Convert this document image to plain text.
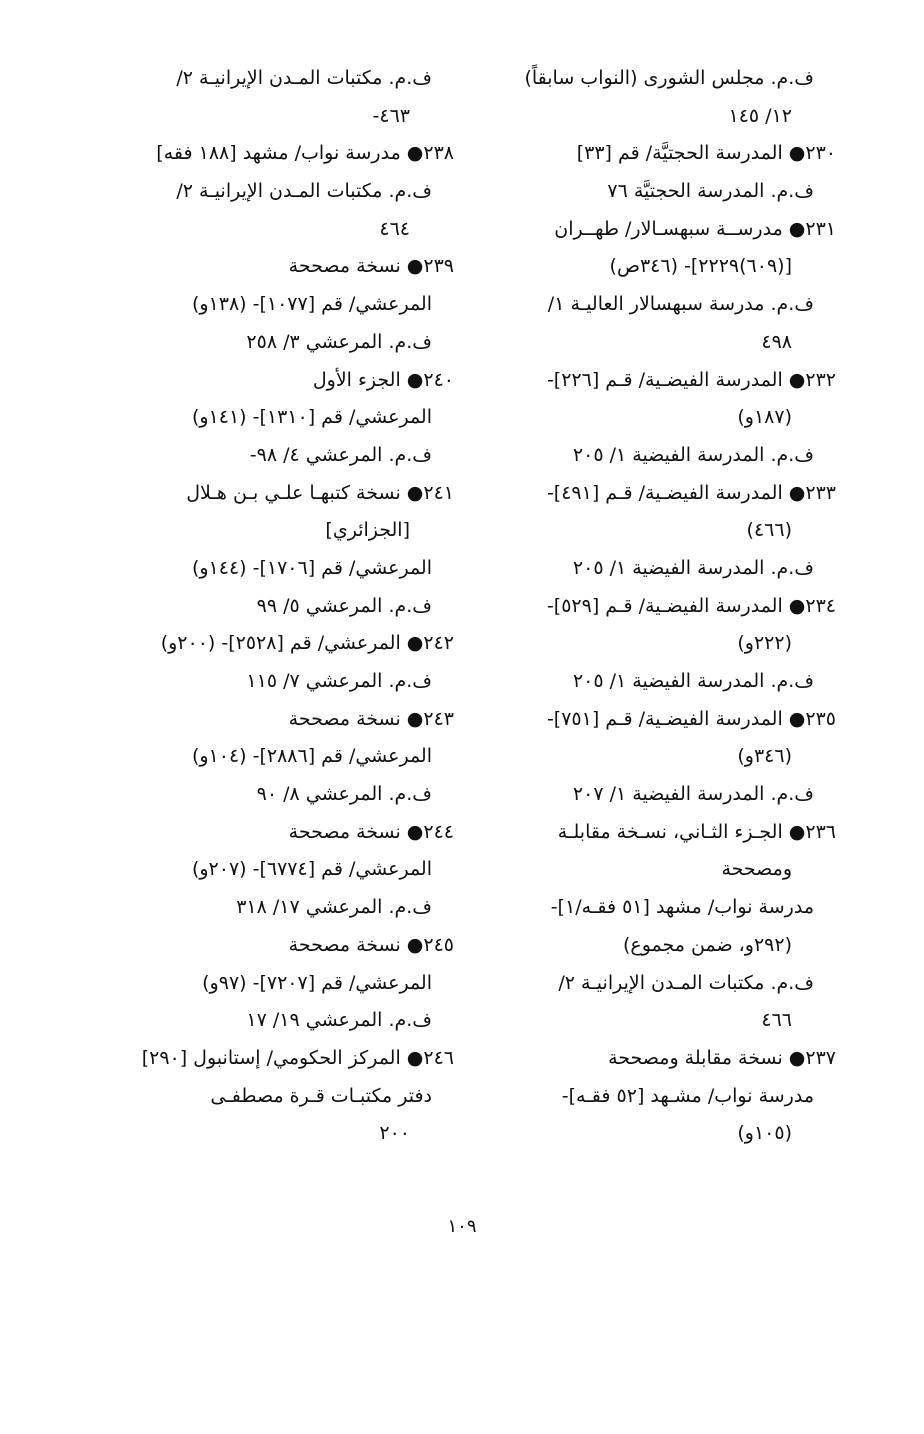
ف.م. مجلس الشورى (النواب سابقاً)
١٢/ ١٤٥
٢٣٠● المدرسة الحجتيَّة/ قم [٣٣]
ف.م. المدرسة الحجتيَّة ٧٦
٢٣١● مدرســة سبهسـالار/ طهــران
[(٦٠٩)٢٢٢٩]- (٣٤٦ص)
ف.م. مدرسة سبهسالار العاليـة ١/
٤٩٨
٢٣٢● المدرسة الفيضـية/ قـم [٢٢٦]-
(١٨٧و)
ف.م. المدرسة الفيضية ١/ ٢٠٥
٢٣٣● المدرسة الفيضـية/ قـم [٤٩١]-
(٤٦٦)
ف.م. المدرسة الفيضية ١/ ٢٠٥
٢٣٤● المدرسة الفيضـية/ قـم [٥٢٩]-
(٢٢٢و)
ف.م. المدرسة الفيضية ١/ ٢٠٥
٢٣٥● المدرسة الفيضـية/ قـم [٧٥١]-
(٣٤٦و)
ف.م. المدرسة الفيضية ١/ ٢٠٧
٢٣٦● الجـزء الثـاني، نسـخة مقابلـة
ومصححة
مدرسة نواب/ مشهد [٥١ فقـه/١]-
(٢٩٢و، ضمن مجموع)
ف.م. مكتبات المـدن الإيرانيـة ٢/
٤٦٦
٢٣٧● نسخة مقابلة ومصححة
مدرسة نواب/ مشـهد [٥٢ فقـه]-
(١٠٥و)
ف.م. مكتبات المـدن الإيرانيـة ٢/
٤٦٣-
٢٣٨● مدرسة نواب/ مشهد [١٨٨ فقه]
ف.م. مكتبات المـدن الإيرانيـة ٢/
٤٦٤
٢٣٩● نسخة مصححة
المرعشي/ قم [١٠٧٧]- (١٣٨و)
ف.م. المرعشي ٣/ ٢٥٨
٢٤٠● الجزء الأول
المرعشي/ قم [١٣١٠]- (١٤١و)
ف.م. المرعشي ٤/ ٩٨-
٢٤١● نسخة كتبهـا علـي بـن هـلال
[الجزائري]
المرعشي/ قم [١٧٠٦]- (١٤٤و)
ف.م. المرعشي ٥/ ٩٩
٢٤٢● المرعشي/ قم [٢٥٢٨]- (٢٠٠و)
ف.م. المرعشي ٧/ ١١٥
٢٤٣● نسخة مصححة
المرعشي/ قم [٢٨٨٦]- (١٠٤و)
ف.م. المرعشي ٨/ ٩٠
٢٤٤● نسخة مصححة
المرعشي/ قم [٦٧٧٤]- (٢٠٧و)
ف.م. المرعشي ١٧/ ٣١٨
٢٤٥● نسخة مصححة
المرعشي/ قم [٧٢٠٧]- (٩٧و)
ف.م. المرعشي ١٩/ ١٧
٢٤٦● المركز الحكومي/ إستانبول [٢٩٠]
دفتر مكتبـات قـرة مصطفـى
٢٠٠
١٠٩
